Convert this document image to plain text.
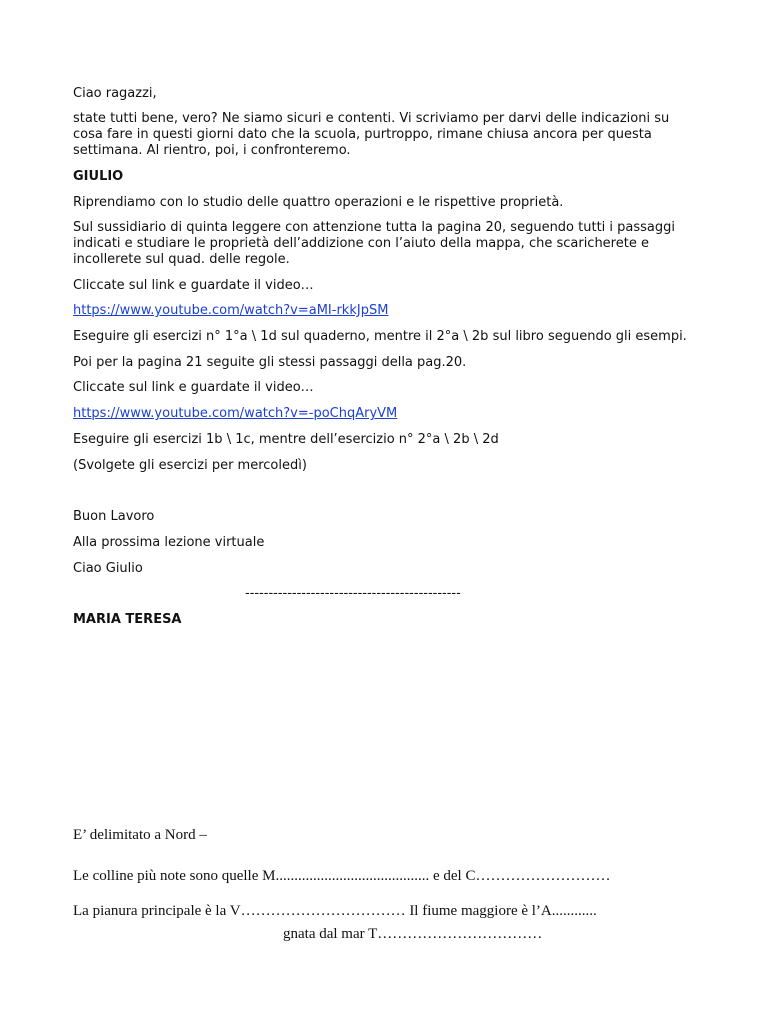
Ciao ragazzi,

state tutti bene, vero? Ne siamo sicuri e contenti. Vi scriviamo per darvi delle indicazioni su

cosa fare in questi giorni dato che la scuola, purtroppo, rimane chiusa ancora per questa

settimana. Al rientro, poi, i confronteremo.

GIULIO

Riprendiamo con lo studio delle quattro operazioni e le rispettive proprietà.

Sul sussidiario di quinta leggere con attenzione tutta la pagina 20, seguendo tutti i passaggi

indicati e studiare le proprietà dell’addizione con l’aiuto della mappa, che scaricherete e

incollerete sul quad. delle regole.

Cliccate sul link e guardate il video…

https://www.youtube.com/watch?v=aMI-rkkJpSM

Eseguire gli esercizi n° 1°a \ 1d sul quaderno, mentre il 2°a \ 2b sul libro seguendo gli esempi.

Poi per la pagina 21 seguite gli stessi passaggi della pag.20.

Cliccate sul link e guardate il video…

https://www.youtube.com/watch?v=-poChqAryVM

Eseguire gli esercizi 1b \ 1c, mentre dell’esercizio n° 2°a \ 2b \ 2d

(Svolgete gli esercizi per mercoledì)

Buon Lavoro

Alla prossima lezione virtuale

Ciao Giulio

----------------------------------------------

MARIA TERESA

E’ delimitato a Nord –

Le colline più note sono quelle M......................................... e del C………………………

La pianura principale è la V…………………………… Il fiume maggiore è l’A............

gnata dal mar T……………………………
